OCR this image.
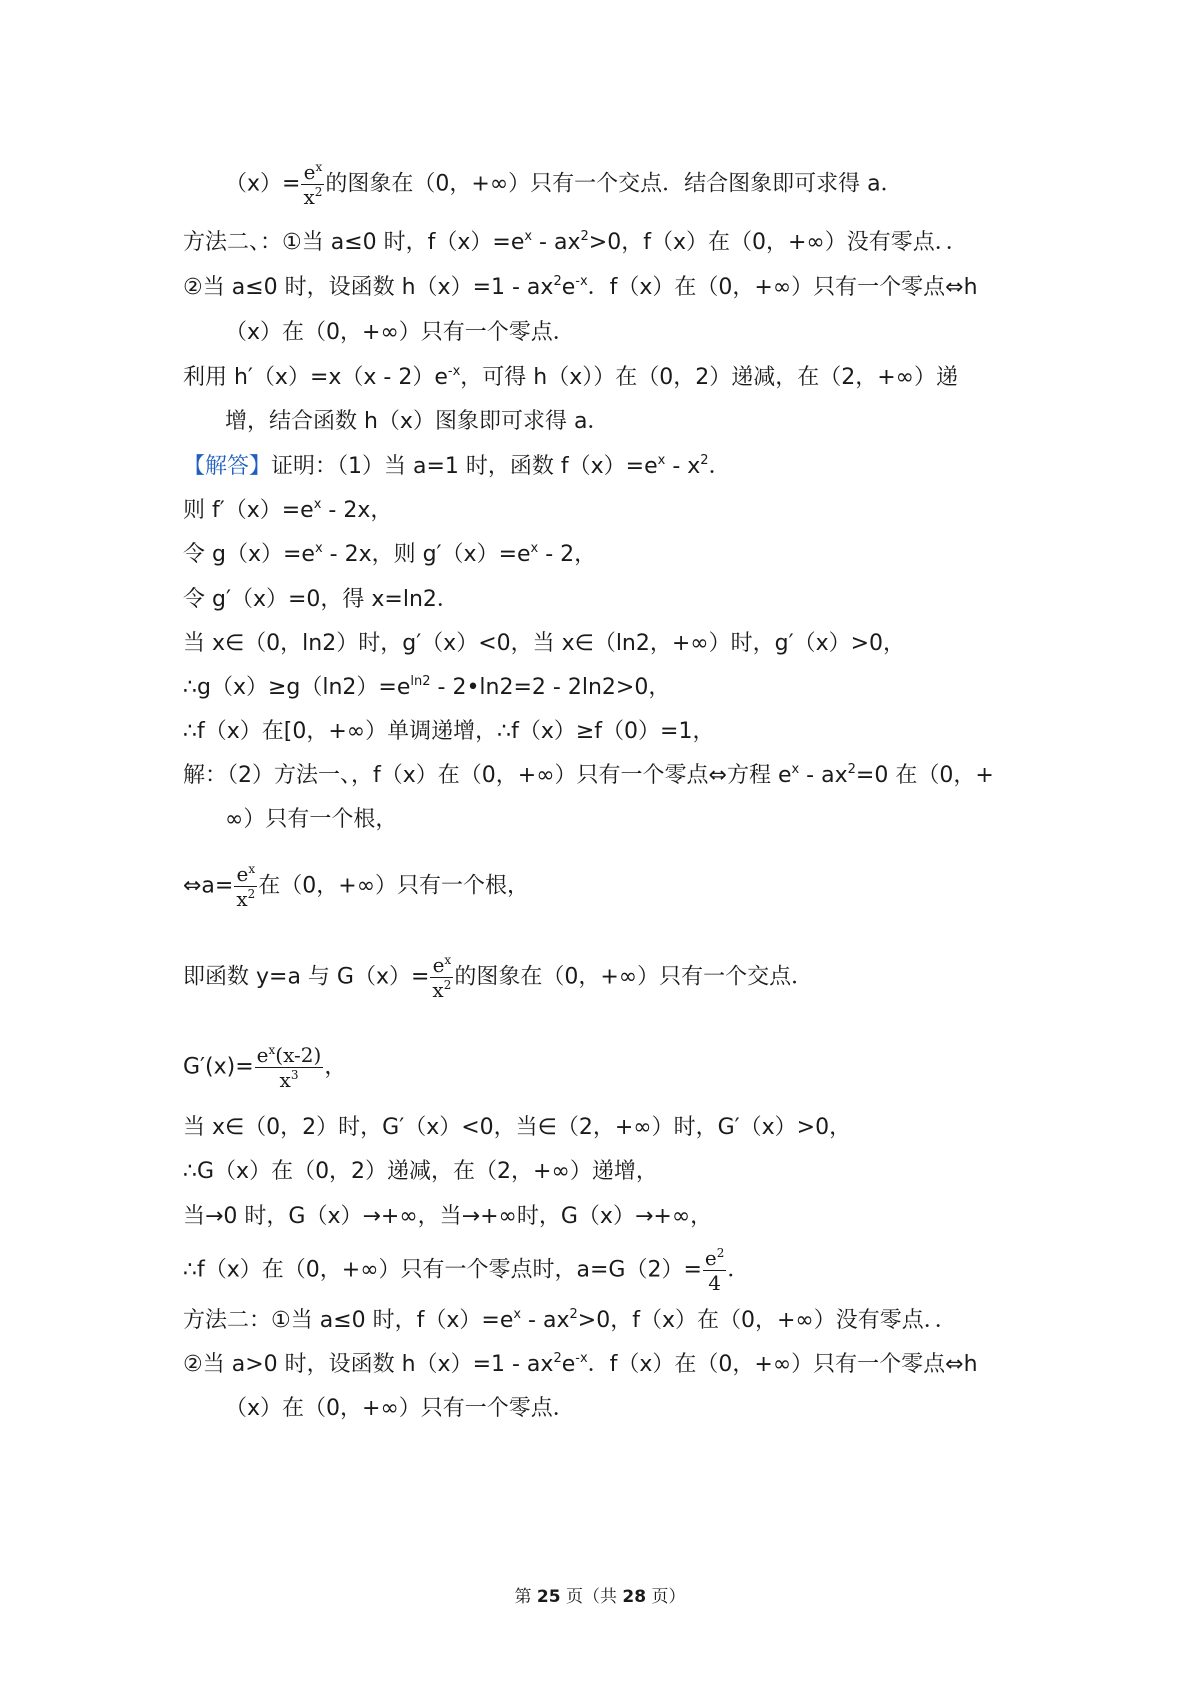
$(x)= \frac{e^x}{x^2}$ 的图象在（0，+∞）只有一个交点．结合图象即可求得 a．
方法二、：①当 a≤0 时，$f(x)=e^x - ax^2>0$，f（x）在（0，+∞）没有零点．．
②当 a≤0 时，设函数 $h(x)=1 - ax^2e^{-x}$．f（x）在（0，+∞）只有一个零点⇔h
（x）在（0，+∞）只有一个零点．
利用 $h'(x)=x(x - 2)e^{-x}$，可得 h（x））在（0，2）递减，在（2，+∞）递
增，结合函数 h（x）图象即可求得 a．
【解答】证明：（1）当 a=1 时，函数 $f(x)=e^x - x^2$．
则 $f'(x)=e^x - 2x$，
令 $g(x)=e^x - 2x$，则 $g'(x)=e^x - 2$，
令 g′（x）=0，得 x=ln2．
当 x∈（0，ln2）时，g′（x）<0，当 x∈（ln2，+∞）时，g′（x）>0，
$\therefore g(x)\ge g(\ln 2)=e^{ln2}$ - 2•ln2=2 - 2ln2>0，
∴f（x）在[0，+∞）单调递增，∴f（x）≥f（0）=1，
解：（2）方法一、，f（x）在（0，+∞）只有一个零点⇔方程 $e^x - ax^2=0$ 在（0，+
∞）只有一个根，
⇔a= $\frac{e^x}{x^2}$ 在（0，+∞）只有一个根，
即函数 y=a 与 $G(x)= \frac{e^x}{x^2}$ 的图象在（0，+∞）只有一个交点．
$G'(x)= \frac{e^x(x-2)}{x^3}$ ，
当 x∈（0，2）时，G′（x）<0，当∈（2，+∞）时，G′（x）>0，
∴G（x）在（0，2）递减，在（2，+∞）递增，
当→0 时，G（x）→+∞，当→+∞时，G（x）→+∞，
∴f（x）在（0，+∞）只有一个零点时，$a=G(2)= \frac{e^2}{4}$ ．
方法二：①当 a≤0 时，$f(x)=e^x - ax^2>0$，f（x）在（0，+∞）没有零点．．
②当 a>0 时，设函数 $h(x)=1 - ax^2e^{-x}$．f（x）在（0，+∞）只有一个零点⇔h
（x）在（0，+∞）只有一个零点．
第 25 页（共 28 页）
